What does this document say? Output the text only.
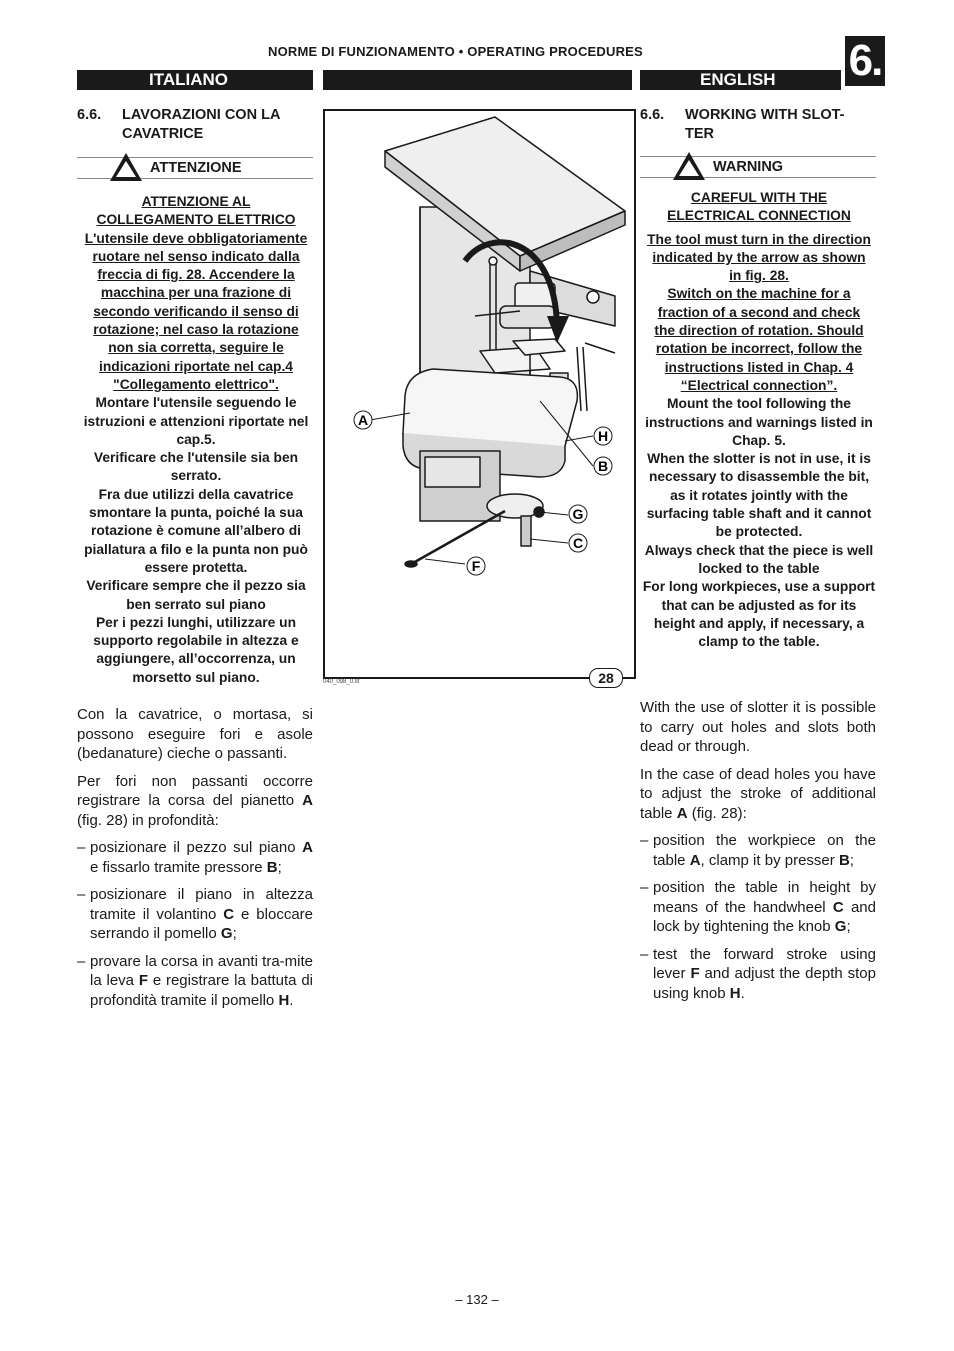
NORME DI FUNZIONAMENTO • OPERATING PROCEDURES	6.
ITALIANO	ENGLISH
6.6. LAVORAZIONI CON LA CAVATRICE
ATTENZIONE

ATTENZIONE AL

COLLEGAMENTO ELETTRICO

L'utensile deve obbligatoriamente

ruotare nel senso indicato dalla

freccia di fig. 28. Accendere la

macchina per una frazione di

secondo verificando il senso di

rotazione; nel caso la rotazione

non sia corretta, seguire le

indicazioni riportate nel cap.4

"Collegamento elettrico".

Montare l'utensile seguendo le istruzioni e attenzioni riportate nel cap.5.

Verificare che l'utensile sia ben serrato.

Fra due utilizzi della cavatrice smontare la punta, poiché la sua rotazione è comune all’albero di piallatura a filo e la punta non può essere protetta.

Verificare sempre che il pezzo sia ben serrato sul piano

Per i pezzi lunghi, utilizzare un supporto regolabile in altezza e aggiungere, all’occorrenza, un morsetto sul piano.

Con la cavatrice, o mortasa, si possono eseguire fori e asole (bedanature) cieche o passanti.

Per fori non passanti occorre registrare la corsa del pianetto A (fig. 28) in profondità:

– posizionare il pezzo sul piano A e fissarlo tramite pressore B;
– posizionare il piano in altezza tramite il volantino C e bloccare serrando il pomello G;
– provare la corsa in avanti tra-mite la leva F e registrare la battuta di profondità tramite il pomello H.
A
H
B
G
C
F
040_098_0.tif	28
6.6. WORKING WITH SLOT-TER
WARNING

CAREFUL WITH THE

ELECTRICAL CONNECTION

The tool must turn in the direction

indicated by the arrow as shown

in fig. 28.

Switch on the machine for a

fraction of a second and check

the direction of rotation. Should

rotation be incorrect, follow the

instructions listed in Chap. 4

“Electrical connection”.

Mount the tool following the instructions and warnings listed in Chap. 5.

When the slotter is not in use, it is necessary to disassemble the bit, as it rotates jointly with the surfacing table shaft and it cannot be protected.

Always check that the piece is well locked to the table

For long workpieces, use a support that can be adjusted as for its height and apply, if necessary, a clamp to the table.

With the use of slotter it is possible to carry out holes and slots both dead or through.

In the case of dead holes you have to adjust the stroke of additional table A (fig. 28):

– position the workpiece on the table A, clamp it by presser B;
– position the table in height by means of the handwheel C and lock by tightening the knob G;
– test the forward stroke using lever F and adjust the depth stop using knob H.
– 132 –
